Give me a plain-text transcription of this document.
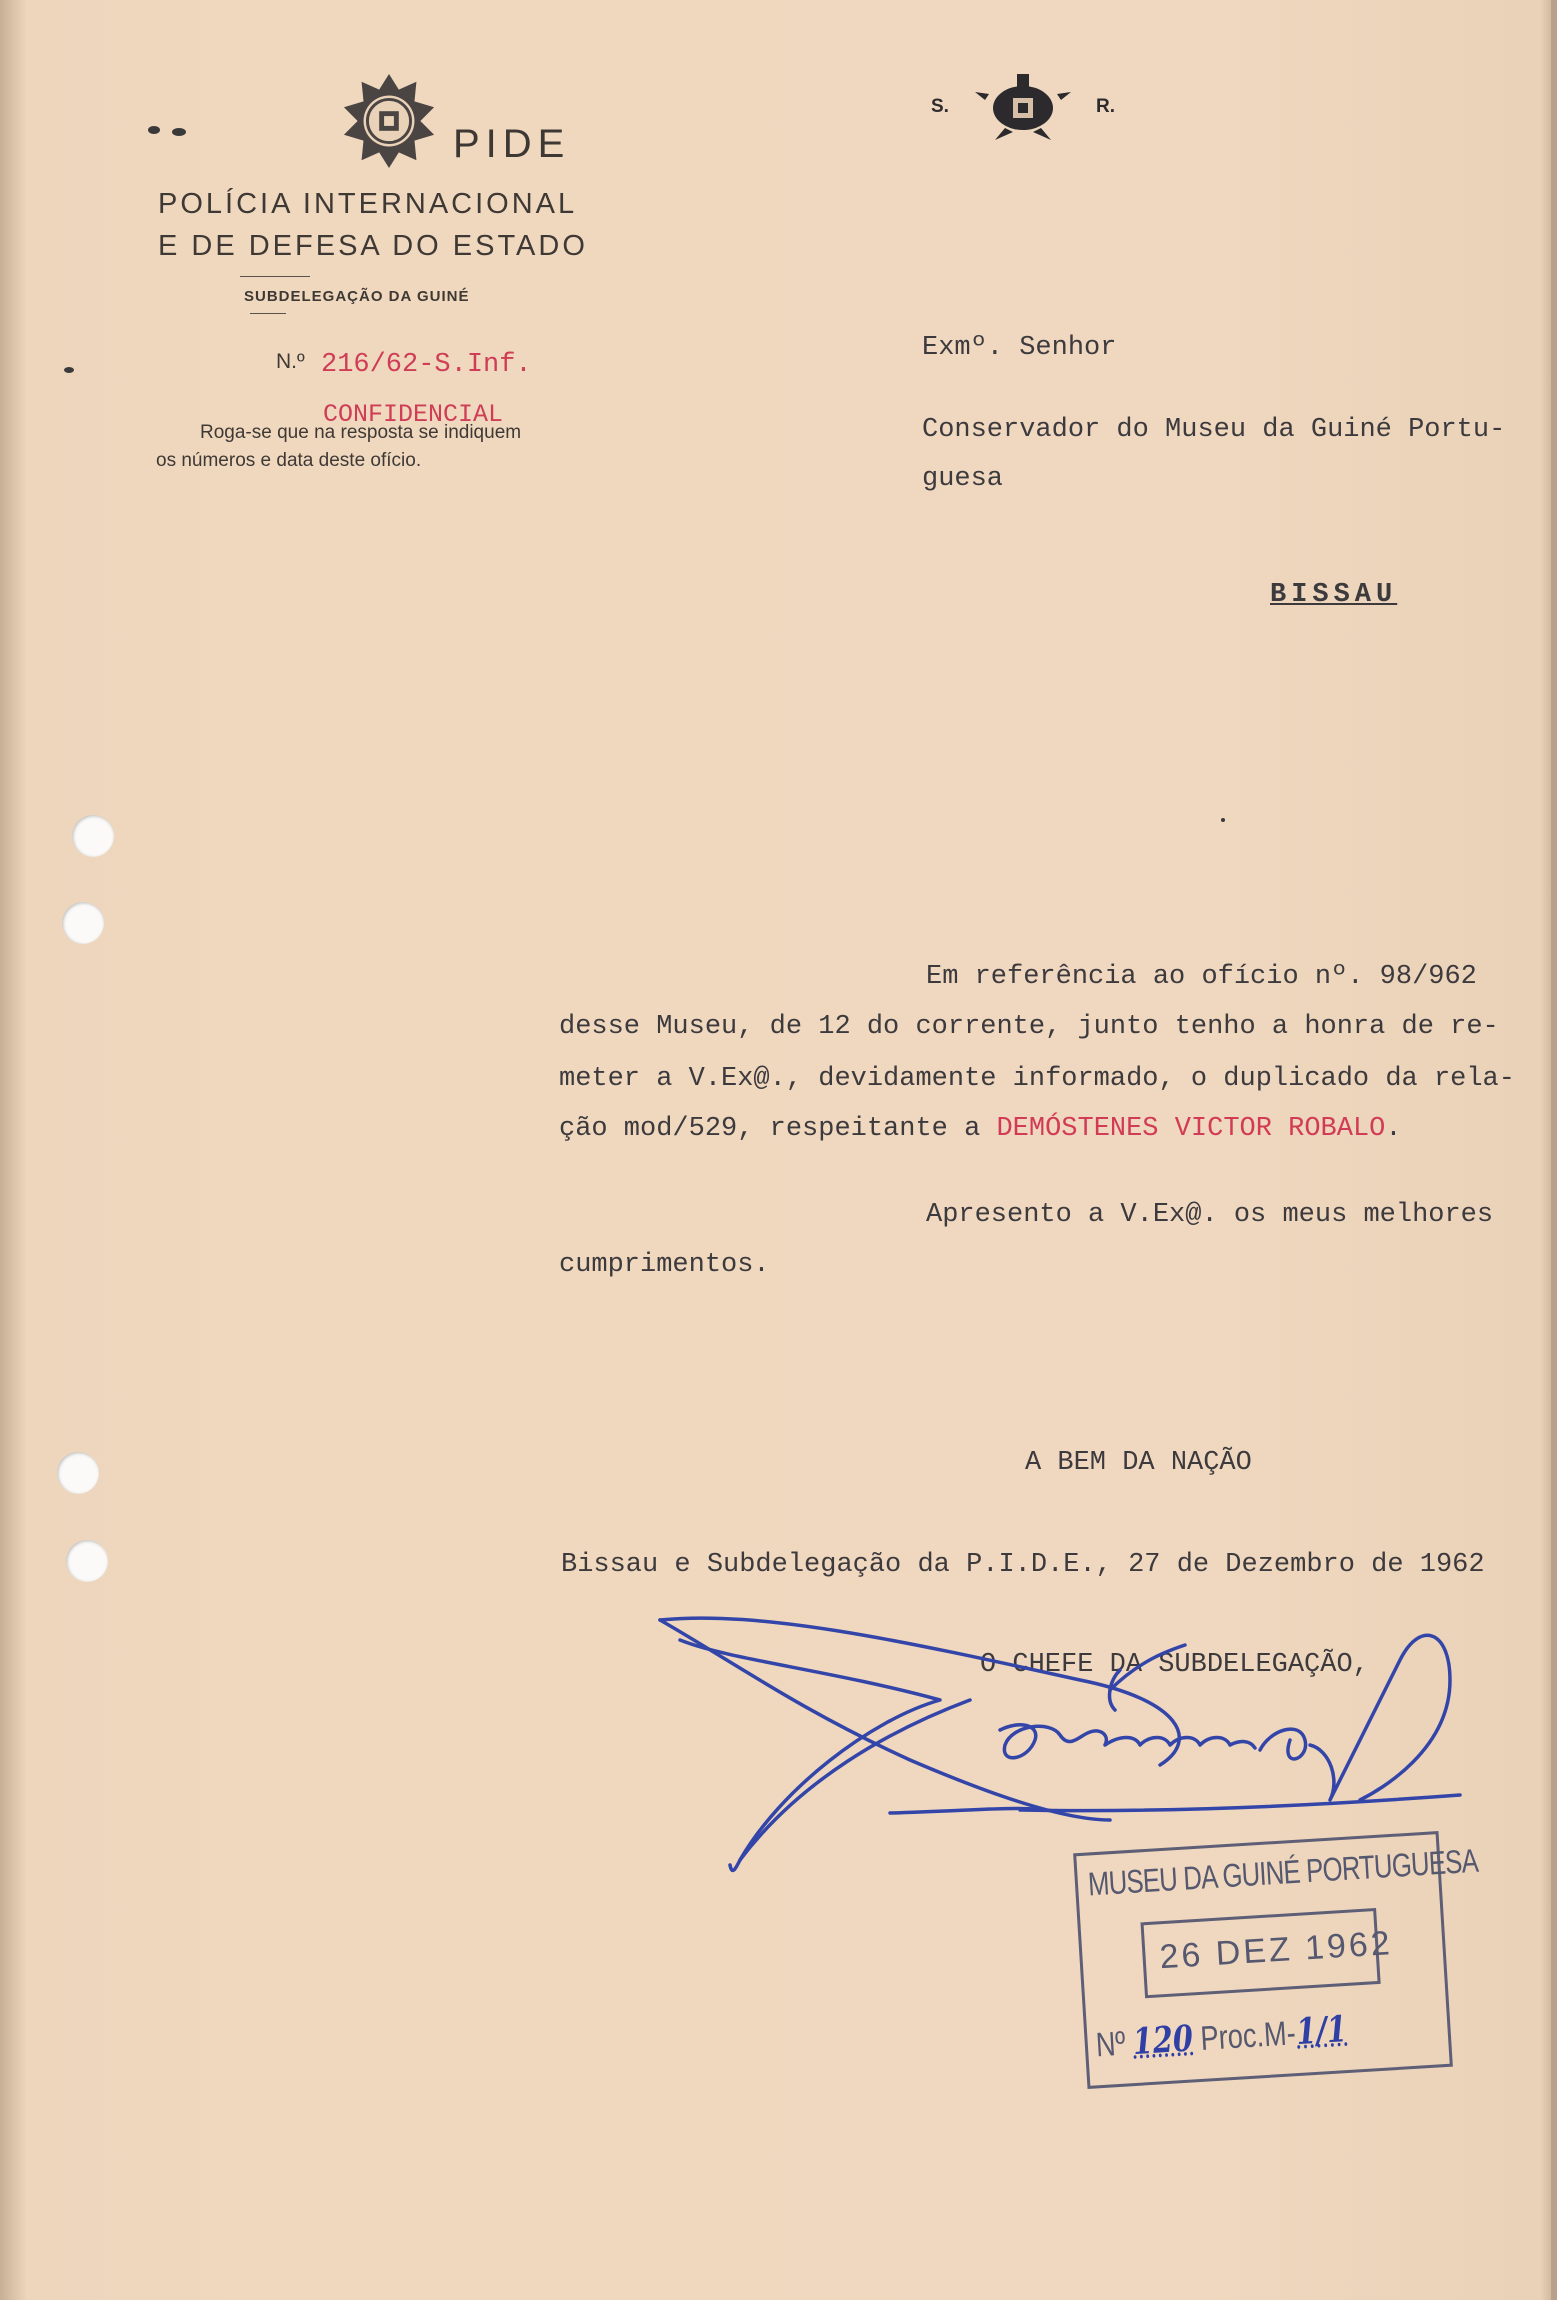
PIDE
POLÍCIA INTERNACIONAL
E DE DEFESA DO ESTADO
SUBDELEGAÇÃO DA GUINÉ
N.º 216/62-S.Inf.
CONFIDENCIAL
Roga-se que na resposta se indiquem
os números e data deste ofício.
S.	R.
Exmº. Senhor
Conservador do Museu da Guiné Portu-
guesa
BISSAU
Em referência ao ofício nº. 98/962
desse Museu, de 12 do corrente, junto tenho a honra de re-
meter a V.Ex@., devidamente informado, o duplicado da rela-
ção mod/529, respeitante a DEMÓSTENES VICTOR ROBALO.
Apresento a V.Ex@. os meus melhores
cumprimentos.
A BEM DA NAÇÃO
Bissau e Subdelegação da P.I.D.E., 27 de Dezembro de 1962
O CHEFE DA SUBDELEGAÇÃO,
MUSEU DA GUINÉ PORTUGUESA
26 DEZ 1962
Nº 120 Proc.M-1/1
